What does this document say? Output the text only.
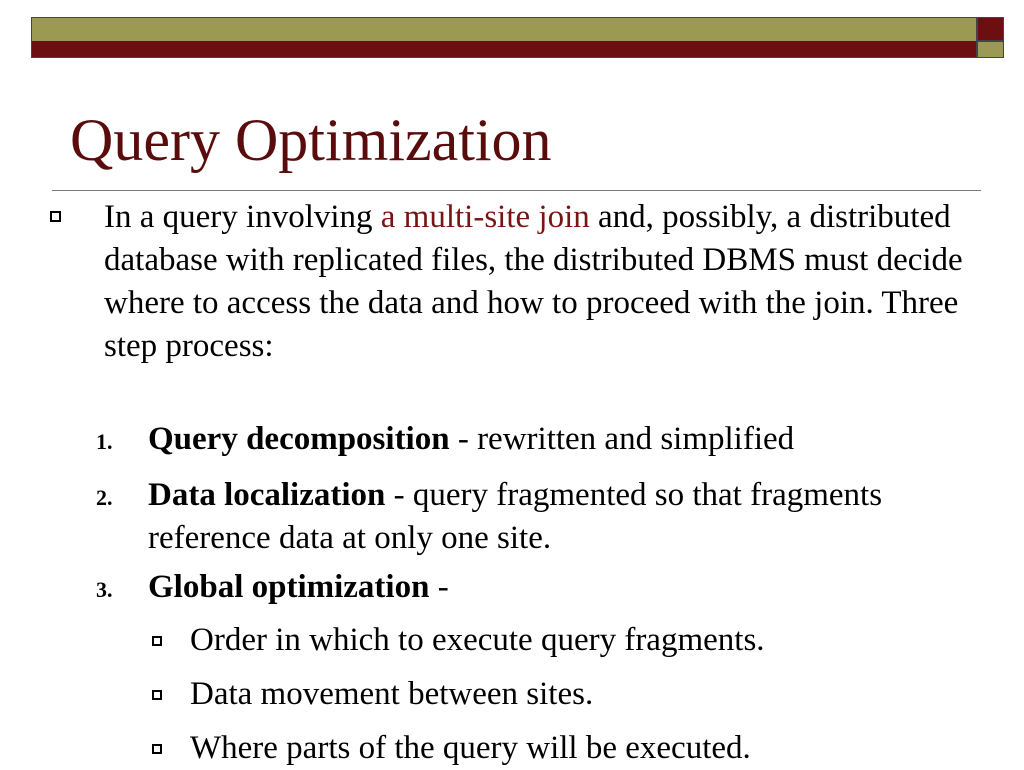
Query Optimization

In a query involving a multi-site join and, possibly, a distributed database with replicated files, the distributed DBMS must decide where to access the data and how to proceed with the join. Three step process:

1.	Query decomposition - rewritten and simplified
2.	Data localization - query fragmented so that fragments reference data at only one site.
3.	Global optimization -
Order in which to execute query fragments.
Data movement between sites.
Where parts of the query will be executed.
